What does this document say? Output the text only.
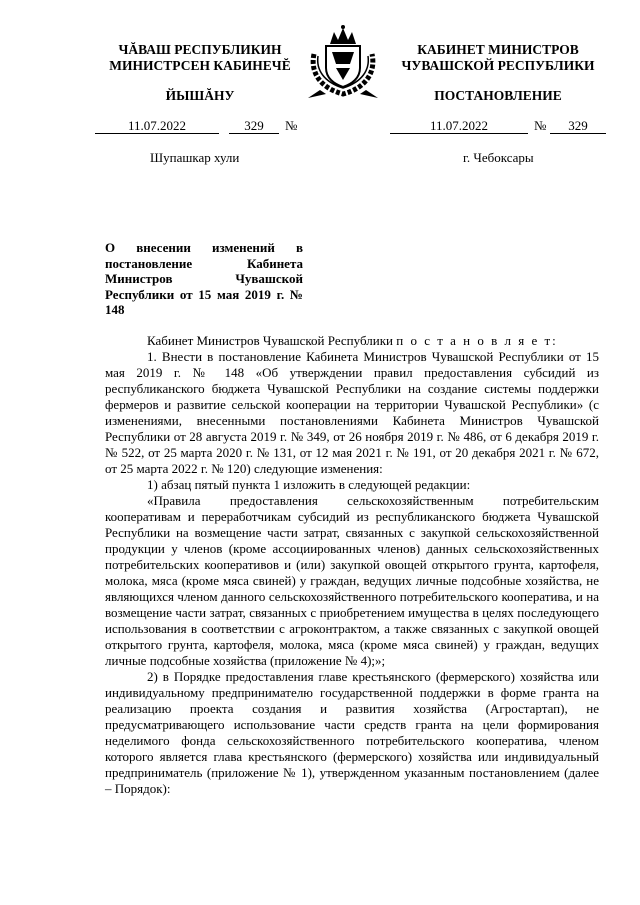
ЧĂВАШ РЕСПУБЛИКИН
МИНИСТРСЕН КАБИНЕЧĔ
ЙЫШĂНУ
КАБИНЕТ МИНИСТРОВ
ЧУВАШСКОЙ РЕСПУБЛИКИ
ПОСТАНОВЛЕНИЕ
11.07.2022	329	№	11.07.2022	№	329
Шупашкар хули	г. Чебоксары
О внесении изменений в постановление Кабинета Министров Чувашской Республики от 15 мая 2019 г. № 148

Кабинет Министров Чувашской Республики п о с т а н о в л я е т:

1. Внести в постановление Кабинета Министров Чувашской Республики от 15 мая 2019 г. № 148 «Об утверждении правил предоставления субсидий из республиканского бюджета Чувашской Республики на создание системы поддержки фермеров и развитие сельской кооперации на территории Чувашской Республики» (с изменениями, внесенными постановлениями Кабинета Министров Чувашской Республики от 28 августа 2019 г. № 349, от 26 ноября 2019 г. № 486, от 6 декабря 2019 г. № 522, от 25 марта 2020 г. № 131, от 12 мая 2021 г. № 191, от 20 декабря 2021 г. № 672, от 25 марта 2022 г. № 120) следующие изменения:

1) абзац пятый пункта 1 изложить в следующей редакции:

«Правила предоставления сельскохозяйственным потребительским кооперативам и переработчикам субсидий из республиканского бюджета Чувашской Республики на возмещение части затрат, связанных с закупкой сельскохозяйственной продукции у членов (кроме ассоциированных членов) данных сельскохозяйственных потребительских кооперативов и (или) закупкой овощей открытого грунта, картофеля, молока, мяса (кроме мяса свиней) у граждан, ведущих личные подсобные хозяйства, не являющихся членом данного сельскохозяйственного потребительского кооператива, и на возмещение части затрат, связанных с приобретением имущества в целях последующего использования в соответствии с агроконтрактом, а также связанных с закупкой овощей открытого грунта, картофеля, молока, мяса (кроме мяса свиней) у граждан, ведущих личные подсобные хозяйства (приложение № 4);»;

2) в Порядке предоставления главе крестьянского (фермерского) хозяйства или индивидуальному предпринимателю государственной поддержки в форме гранта на реализацию проекта создания и развития хозяйства (Агростартап), не предусматривающего использование части средств гранта на цели формирования неделимого фонда сельскохозяйственного потребительского кооператива, членом которого является глава крестьянского (фермерского) хозяйства или индивидуальный предприниматель (приложение № 1), утвержденном указанным постановлением (далее – Порядок):
